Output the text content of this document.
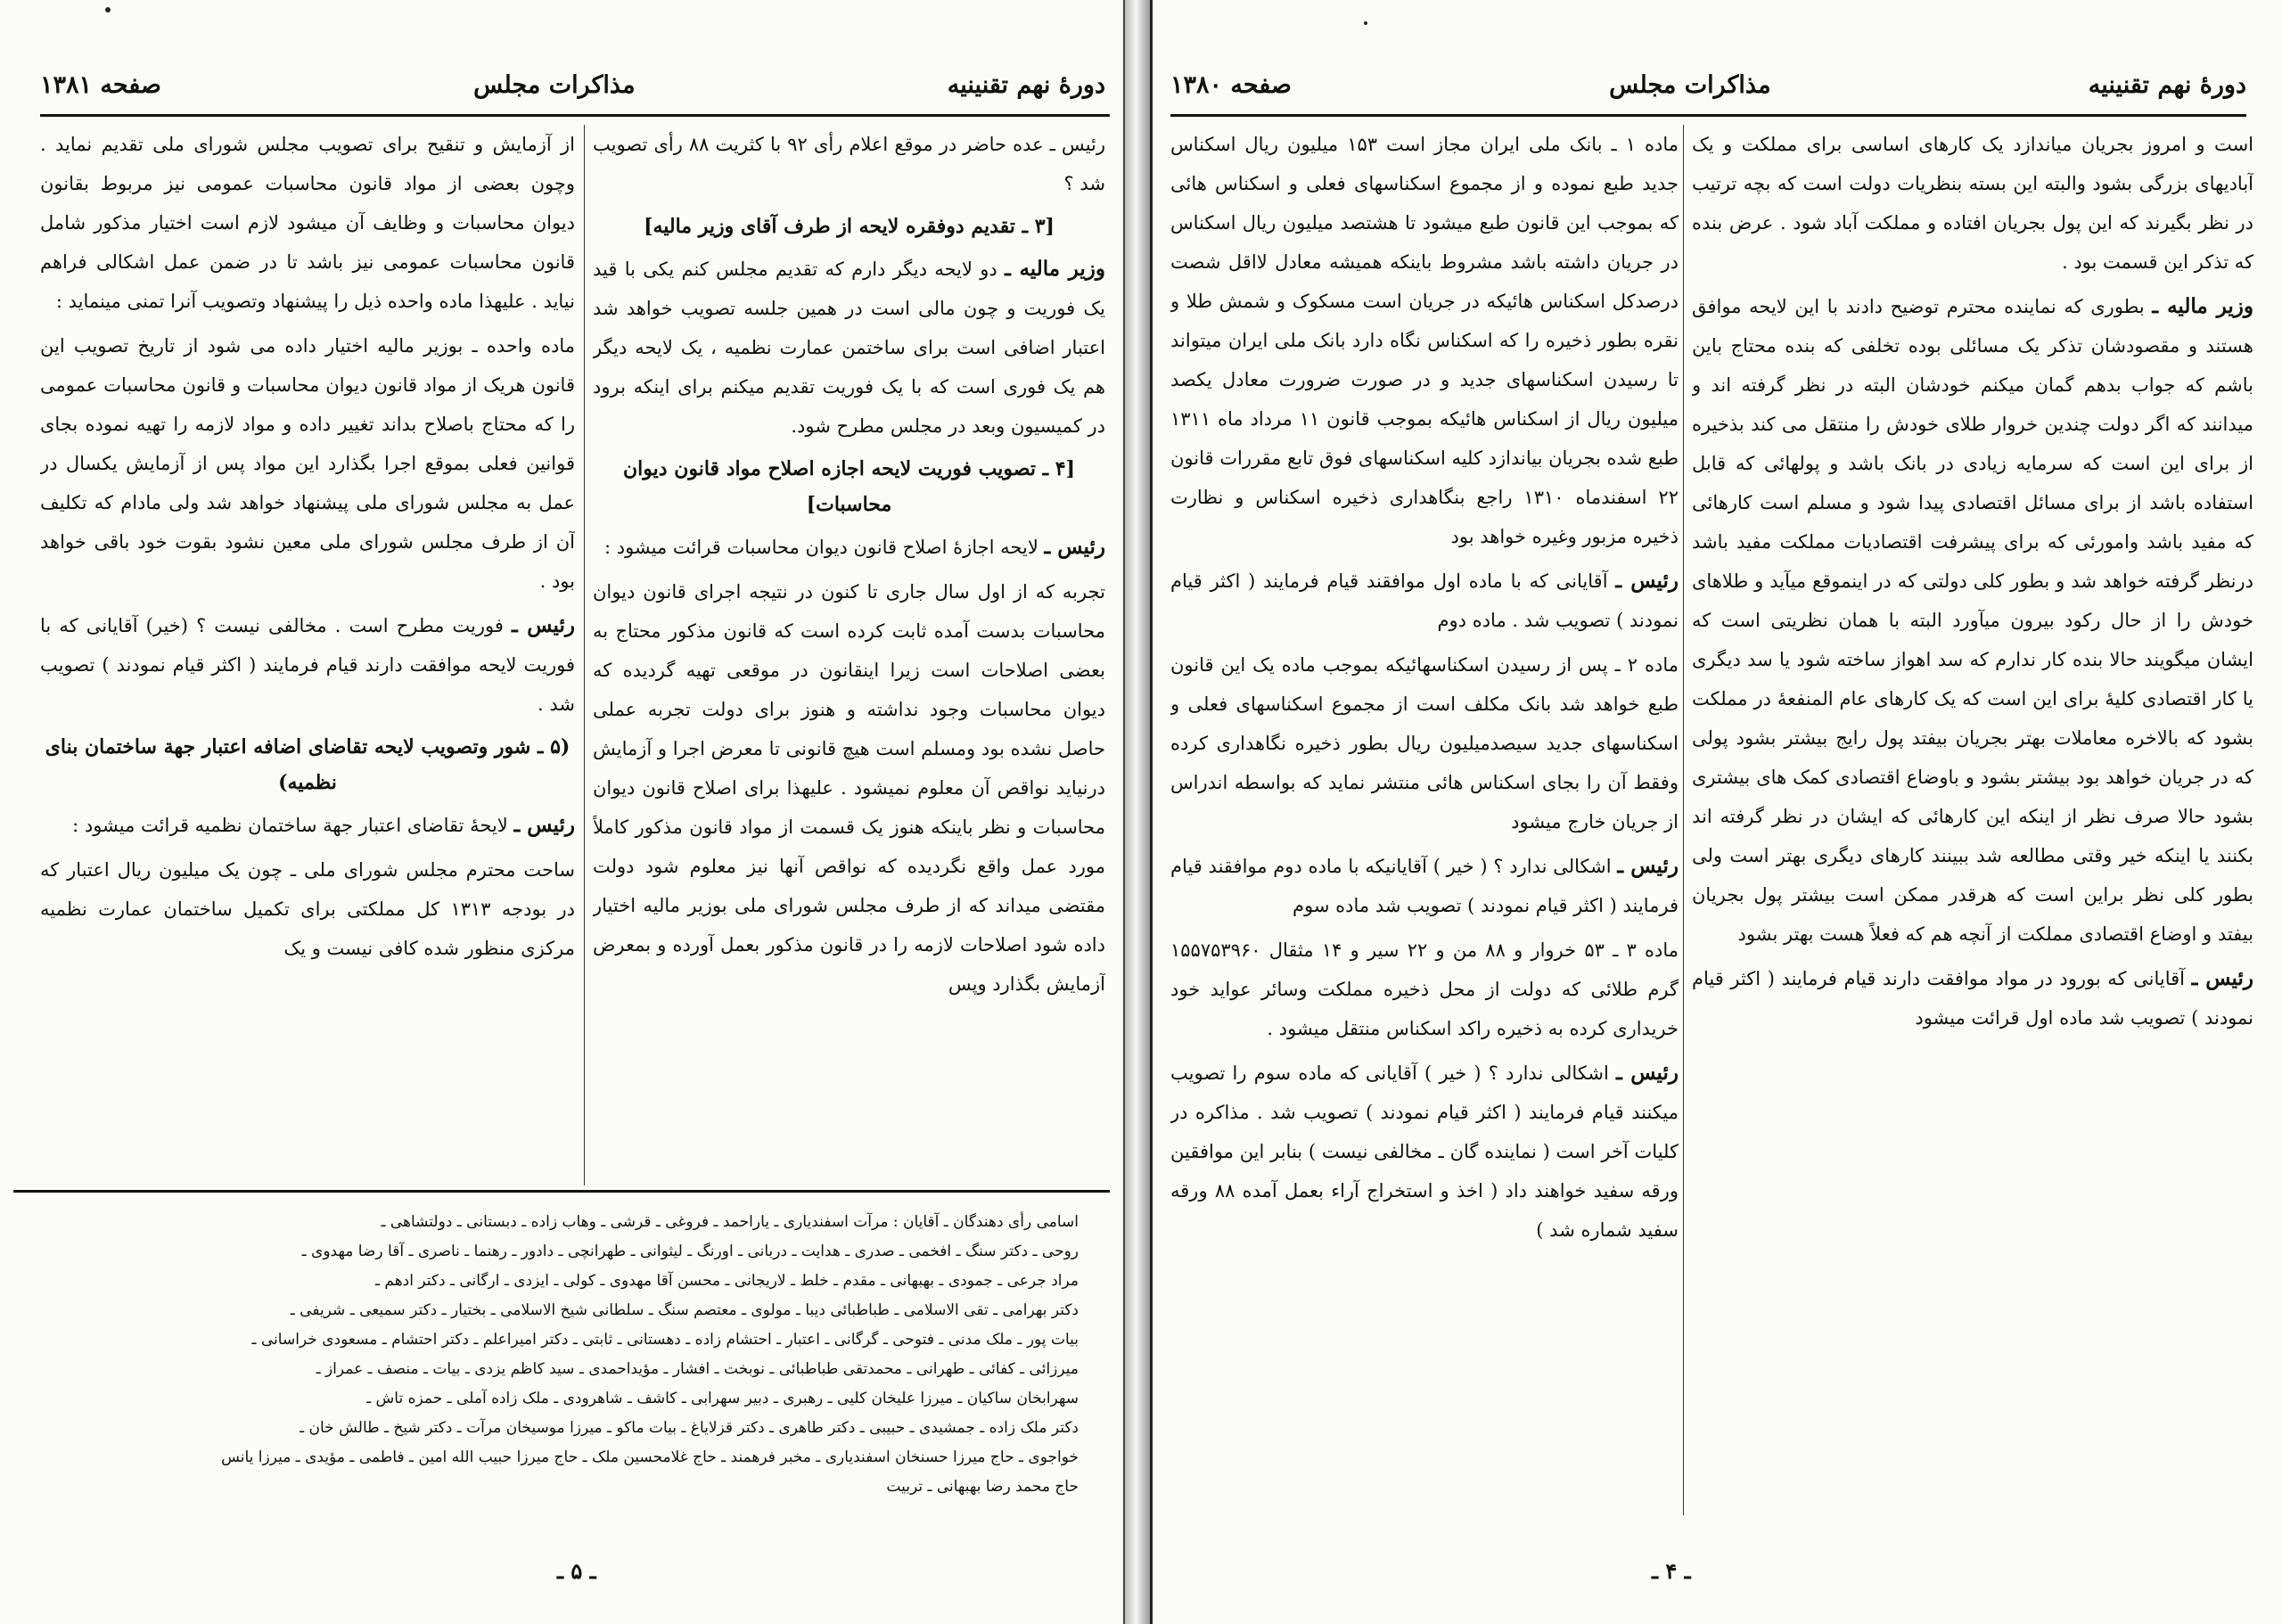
دورهٔ نهم تقنینیه
مذاکرات مجلس
صفحه ۱۳۸۱

رئیس ـ عده حاضر در موقع اعلام رأی ۹۲ با کثریت ۸۸ رأی تصویب شد ؟

[۳ ـ تقدیم دوفقره لایحه از طرف آقای وزیر مالیه]

وزیر مالیه ـ دو لایحه دیگر دارم که تقدیم مجلس کنم یکی با قید یک فوریت و چون مالی است در همین جلسه تصویب خواهد شد اعتبار اضافی است برای ساختمن عمارت نظمیه ، یک لایحه دیگر هم یک فوری است که با یک فوریت تقدیم میکنم برای اینکه برود در کمیسیون وبعد در مجلس مطرح شود.

[۴ ـ تصویب فوریت لایحه اجازه اصلاح مواد قانون دیوان محاسبات]

رئیس ـ لایحه اجازهٔ اصلاح قانون دیوان محاسبات قرائت میشود :

تجربه که از اول سال جاری تا کنون در نتیجه اجرای قانون دیوان محاسبات بدست آمده ثابت کرده است که قانون مذکور محتاج به بعضی اصلاحات است زیرا اینقانون در موقعی تهیه گردیده که دیوان محاسبات وجود نداشته و هنوز برای دولت تجربه عملی حاصل نشده بود ومسلم است هیچ قانونی تا معرض اجرا و آزمایش درنیاید نواقص آن معلوم نمیشود . علیهذا برای اصلاح قانون دیوان محاسبات و نظر باینکه هنوز یک قسمت از مواد قانون مذکور کاملاً مورد عمل واقع نگردیده که نواقص آنها نیز معلوم شود دولت مقتضی میداند که از طرف مجلس شورای ملی بوزیر مالیه اختیار داده شود اصلاحات لازمه را در قانون مذکور بعمل آورده و بمعرض آزمایش بگذارد وپس

از آزمایش و تنقیح برای تصویب مجلس شورای ملی تقدیم نماید . وچون بعضی از مواد قانون محاسبات عمومی نیز مربوط بقانون دیوان محاسبات و وظایف آن میشود لازم است اختیار مذکور شامل قانون محاسبات عمومی نیز باشد تا در ضمن عمل اشکالی فراهم نیاید . علیهذا ماده واحده ذیل را پیشنهاد وتصویب آنرا تمنی مینماید :

ماده واحده ـ بوزیر مالیه اختیار داده می شود از تاریخ تصویب این قانون هریک از مواد قانون دیوان محاسبات و قانون محاسبات عمومی را که محتاج باصلاح بداند تغییر داده و مواد لازمه را تهیه نموده بجای قوانین فعلی بموقع اجرا بگذارد این مواد پس از آزمایش یکسال در عمل به مجلس شورای ملی پیشنهاد خواهد شد ولی مادام که تکلیف آن از طرف مجلس شورای ملی معین نشود بقوت خود باقی خواهد بود .

رئیس ـ فوریت مطرح است . مخالفی نیست ؟ (خیر) آقایانی که با فوریت لایحه موافقت دارند قیام فرمایند ( اکثر قیام نمودند ) تصویب شد .

(۵ ـ شور وتصویب لایحه تقاضای اضافه اعتبار جهة ساختمان بنای نظمیه)

رئیس ـ لایحهٔ تقاضای اعتبار جهة ساختمان نظمیه قرائت میشود :

ساحت محترم مجلس شورای ملی ـ چون یک میلیون ریال اعتبار که در بودجه ۱۳۱۳ کل مملکتی برای تکمیل ساختمان عمارت نظمیه مرکزی منظور شده کافی نیست و یک

اسامی رأی دهندگان ـ آقایان : مرآت اسفندیاری ـ یاراحمد ـ فروغی ـ قرشی ـ وهاب زاده ـ دبستانی ـ دولتشاهی ـ

روحی ـ دکتر سنگ ـ افخمی ـ صدری ـ هدایت ـ دربانی ـ اورنگ ـ لیثوانی ـ طهرانچی ـ دادور ـ رهنما ـ ناصری ـ آقا رضا مهدوی ـ

مراد جرعی ـ جمودی ـ بهبهانی ـ مقدم ـ خلط ـ لاریجانی ـ محسن آقا مهدوی ـ کولی ـ ایزدی ـ ارگانی ـ دکتر ادهم ـ

دکتر بهرامی ـ تقی الاسلامی ـ طباطبائی دیبا ـ مولوی ـ معتصم سنگ ـ سلطانی شیخ الاسلامی ـ بختیار ـ دکتر سمیعی ـ شریفی ـ

بیات پور ـ ملک مدنی ـ فتوحی ـ گرگانی ـ اعتبار ـ احتشام زاده ـ دهستانی ـ ثابتی ـ دکتر امیراعلم ـ دکتر احتشام ـ مسعودی خراسانی ـ

میرزائی ـ کفائی ـ طهرانی ـ محمدتقی طباطبائی ـ نوبخت ـ افشار ـ مؤیداحمدی ـ سید کاظم یزدی ـ بیات ـ منصف ـ عمراز ـ

سهرابخان ساکیان ـ میرزا علیخان کلیی ـ رهبری ـ دبیر سهرابی ـ کاشف ـ شاهرودی ـ ملک زاده آملی ـ حمزه تاش ـ

دکتر ملک زاده ـ جمشیدی ـ حبیبی ـ دکتر طاهری ـ دکتر قزلایاغ ـ بیات ماکو ـ میرزا موسیخان مرآت ـ دکتر شیخ ـ طالش خان ـ

خواجوی ـ حاج میرزا حسنخان اسفندیاری ـ مخبر فرهمند ـ حاج غلامحسین ملک ـ حاج میرزا حبیب الله امین ـ فاطمی ـ مؤیدی ـ میرزا یانس

حاج محمد رضا بهبهانی ـ تربیت

ـ ۵ ـ
دورهٔ نهم تقنینیه
مذاکرات مجلس
صفحه ۱۳۸۰

است و امروز بجریان میاندازد یک کارهای اساسی برای مملکت و یک آبادیهای بزرگی بشود والبته این بسته بنظریات دولت است که بچه ترتیب در نظر بگیرند که این پول بجریان افتاده و مملکت آباد شود . عرض بنده که تذکر این قسمت بود .

وزیر مالیه ـ بطوری که نماینده محترم توضیح دادند با این لایحه موافق هستند و مقصودشان تذکر یک مسائلی بوده تخلفی که بنده محتاج باین باشم که جواب بدهم گمان میکنم خودشان البته در نظر گرفته اند و میدانند که اگر دولت چندین خروار طلای خودش را منتقل می کند بذخیره از برای این است که سرمایه زیادی در بانک باشد و پولهائی که قابل استفاده باشد از برای مسائل اقتصادی پیدا شود و مسلم است کارهائی که مفید باشد وامورئی که برای پیشرفت اقتصادیات مملکت مفید باشد درنظر گرفته خواهد شد و بطور کلی دولتی که در اینموقع میآید و طلاهای خودش را از حال رکود بیرون میآورد البته با همان نظریتی است که ایشان میگویند حالا بنده کار ندارم که سد اهواز ساخته شود یا سد دیگری یا کار اقتصادی کلیهٔ برای این است که یک کارهای عام المنفعهٔ در مملکت بشود که بالاخره معاملات بهتر بجریان بیفتد پول رایج بیشتر بشود پولی که در جریان خواهد بود بیشتر بشود و باوضاع اقتصادی کمک های بیشتری بشود حالا صرف نظر از اینکه این کارهائی که ایشان در نظر گرفته اند بکنند یا اینکه خیر وقتی مطالعه شد ببینند کارهای دیگری بهتر است ولی بطور کلی نظر براین است که هرقدر ممکن است بیشتر پول بجریان بیفتد و اوضاع اقتصادی مملکت از آنچه هم که فعلاً هست بهتر بشود

رئیس ـ آقایانی که بورود در مواد موافقت دارند قیام فرمایند ( اکثر قیام نمودند ) تصویب شد ماده اول قرائت میشود

ماده ۱ ـ بانک ملی ایران مجاز است ۱۵۳ میلیون ریال اسکناس جدید طبع نموده و از مجموع اسکناسهای فعلی و اسکناس هائی که بموجب این قانون طبع میشود تا هشتصد میلیون ریال اسکناس در جریان داشته باشد مشروط باینکه همیشه معادل لااقل شصت درصدکل اسکناس هائیکه در جریان است مسکوک و شمش طلا و نقره بطور ذخیره را که اسکناس نگاه دارد بانک ملی ایران میتواند تا رسیدن اسکناسهای جدید و در صورت ضرورت معادل یکصد میلیون ریال از اسکناس هائیکه بموجب قانون ۱۱ مرداد ماه ۱۳۱۱ طبع شده بجریان بیاندازد کلیه اسکناسهای فوق تابع مقررات قانون ۲۲ اسفندماه ۱۳۱۰ راجع بنگاهداری ذخیره اسکناس و نظارت ذخیره مزبور وغیره خواهد بود

رئیس ـ آقایانی که با ماده اول موافقند قیام فرمایند ( اکثر قیام نمودند ) تصویب شد . ماده دوم

ماده ۲ ـ پس از رسیدن اسکناسهائیکه بموجب ماده یک این قانون طبع خواهد شد بانک مکلف است از مجموع اسکناسهای فعلی و اسکناسهای جدید سیصدمیلیون ریال بطور ذخیره نگاهداری کرده وفقط آن را بجای اسکناس هائی منتشر نماید که بواسطه اندراس از جریان خارج میشود

رئیس ـ اشکالی ندارد ؟ ( خیر ) آقایانیکه با ماده دوم موافقند قیام فرمایند ( اکثر قیام نمودند ) تصویب شد ماده سوم

ماده ۳ ـ ۵۳ خروار و ۸۸ من و ۲۲ سیر و ۱۴ مثقال ۱۵۵۷۵۳۹۶۰ گرم طلائی که دولت از محل ذخیره مملکت وسائر عواید خود خریداری کرده به ذخیره راکد اسکناس منتقل میشود .

رئیس ـ اشکالی ندارد ؟ ( خیر ) آقایانی که ماده سوم را تصویب میکنند قیام فرمایند ( اکثر قیام نمودند ) تصویب شد . مذاکره در کلیات آخر است ( نماینده گان ـ مخالفی نیست ) بنابر این موافقین ورقه سفید خواهند داد ( اخذ و استخراج آراء بعمل آمده ۸۸ ورقه سفید شماره شد )

ـ ۴ ـ
